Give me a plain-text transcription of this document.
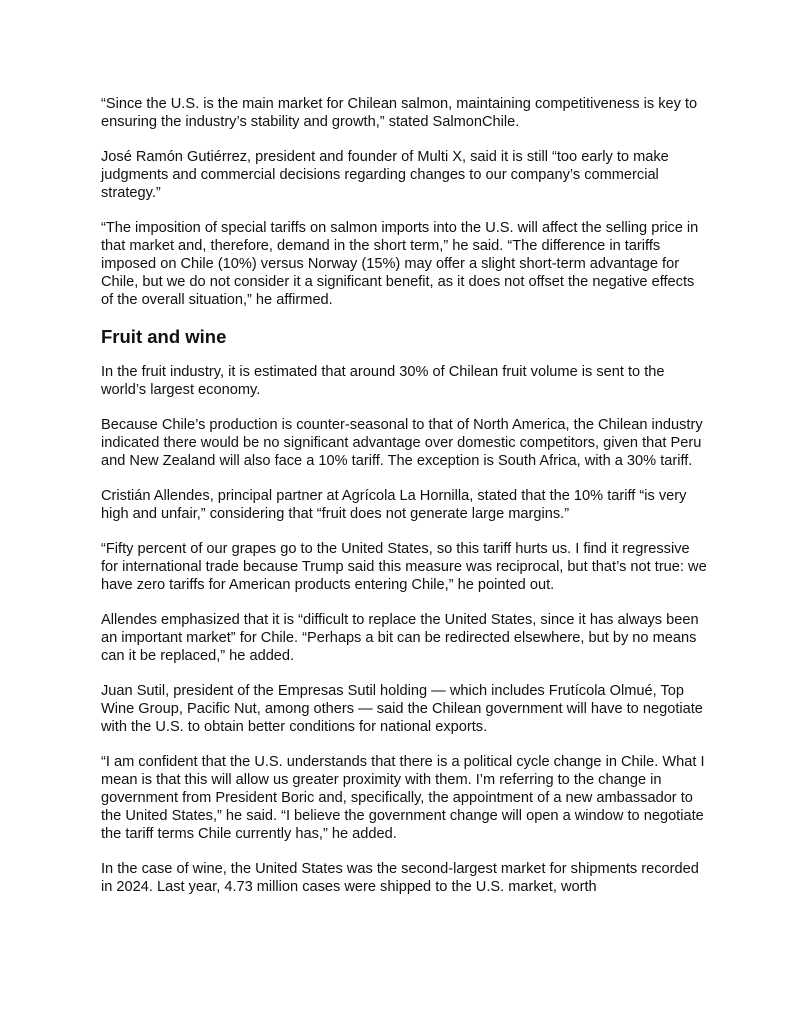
“Since the U.S. is the main market for Chilean salmon, maintaining competitiveness is key to ensuring the industry’s stability and growth,” stated SalmonChile.

José Ramón Gutiérrez, president and founder of Multi X, said it is still “too early to make judgments and commercial decisions regarding changes to our company’s commercial strategy.”

“The imposition of special tariffs on salmon imports into the U.S. will affect the selling price in that market and, therefore, demand in the short term,” he said. “The difference in tariffs imposed on Chile (10%) versus Norway (15%) may offer a slight short-term advantage for Chile, but we do not consider it a significant benefit, as it does not offset the negative effects of the overall situation,” he affirmed.

Fruit and wine

In the fruit industry, it is estimated that around 30% of Chilean fruit volume is sent to the world’s largest economy.

Because Chile’s production is counter-seasonal to that of North America, the Chilean industry indicated there would be no significant advantage over domestic competitors, given that Peru and New Zealand will also face a 10% tariff. The exception is South Africa, with a 30% tariff.

Cristián Allendes, principal partner at Agrícola La Hornilla, stated that the 10% tariff “is very high and unfair,” considering that “fruit does not generate large margins.”

“Fifty percent of our grapes go to the United States, so this tariff hurts us. I find it regressive for international trade because Trump said this measure was reciprocal, but that’s not true: we have zero tariffs for American products entering Chile,” he pointed out.

Allendes emphasized that it is “difficult to replace the United States, since it has always been an important market” for Chile. “Perhaps a bit can be redirected elsewhere, but by no means can it be replaced,” he added.

Juan Sutil, president of the Empresas Sutil holding — which includes Frutícola Olmué, Top Wine Group, Pacific Nut, among others — said the Chilean government will have to negotiate with the U.S. to obtain better conditions for national exports.

“I am confident that the U.S. understands that there is a political cycle change in Chile. What I mean is that this will allow us greater proximity with them. I’m referring to the change in government from President Boric and, specifically, the appointment of a new ambassador to the United States,” he said. “I believe the government change will open a window to negotiate the tariff terms Chile currently has,” he added.

In the case of wine, the United States was the second-largest market for shipments recorded in 2024. Last year, 4.73 million cases were shipped to the U.S. market, worth
